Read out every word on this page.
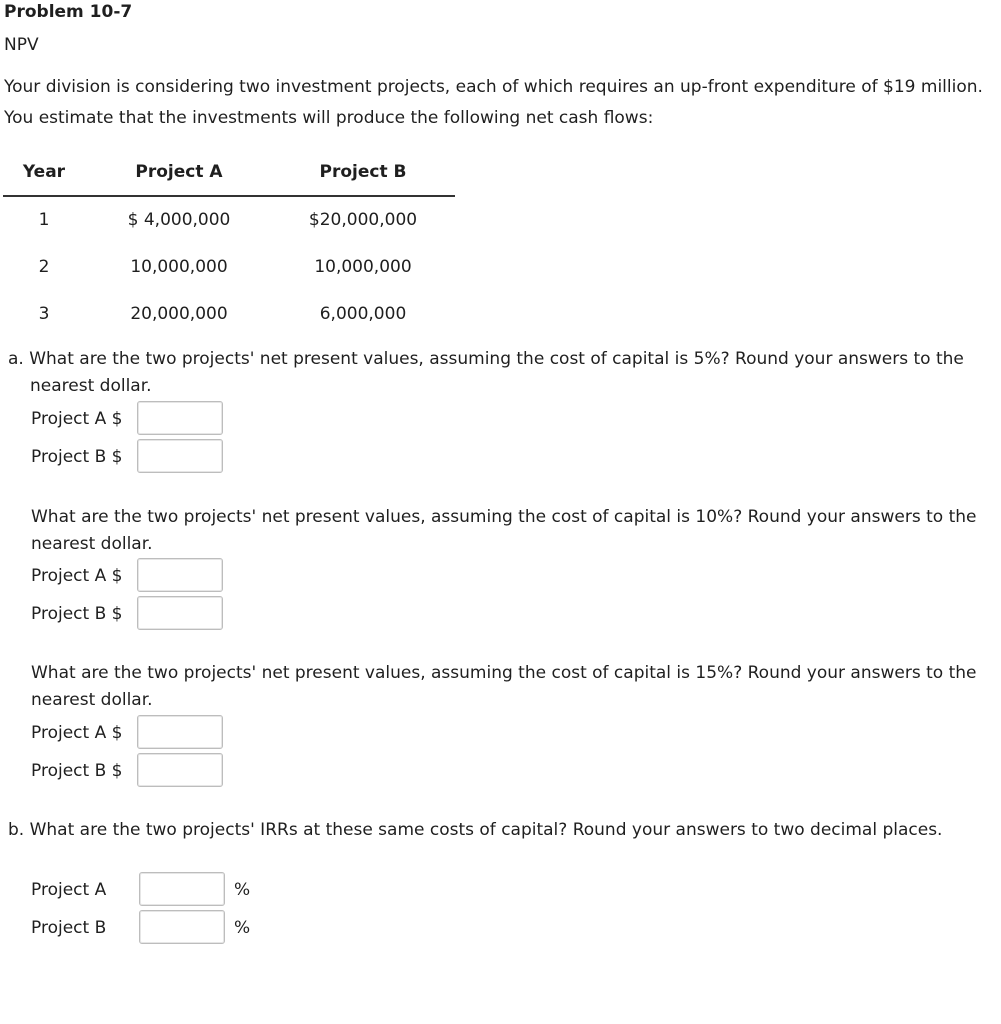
Problem 10-7
NPV
Your division is considering two investment projects, each of which requires an up-front expenditure of $19 million. You estimate that the investments will produce the following net cash flows:
Year	Project A	Project B
1	$ 4,000,000	$20,000,000
2	10,000,000	10,000,000
3	20,000,000	6,000,000
a. What are the two projects' net present values, assuming the cost of capital is 5%? Round your answers to the nearest dollar.
Project A $
Project B $
What are the two projects' net present values, assuming the cost of capital is 10%? Round your answers to the nearest dollar.
Project A $
Project B $
What are the two projects' net present values, assuming the cost of capital is 15%? Round your answers to the nearest dollar.
Project A $
Project B $
b. What are the two projects' IRRs at these same costs of capital? Round your answers to two decimal places.
Project A	%
Project B	%
